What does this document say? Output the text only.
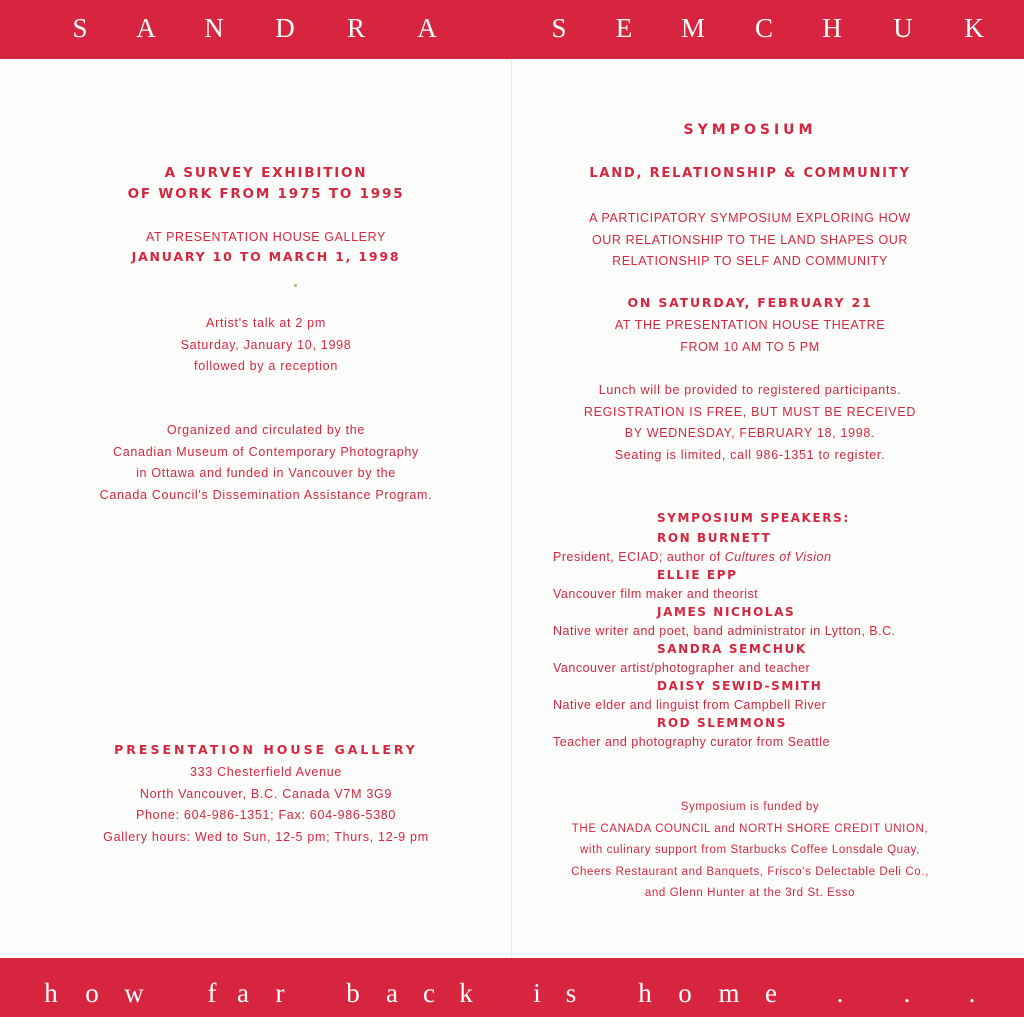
S A N D R A	S E M C H U K
A SURVEY EXHIBITION
OF WORK FROM 1975 TO 1995
AT PRESENTATION HOUSE GALLERY
JANUARY 10 TO MARCH 1, 1998
Artist's talk at 2 pm
Saturday, January 10, 1998
followed by a reception
Organized and circulated by the
Canadian Museum of Contemporary Photography
in Ottawa and funded in Vancouver by the
Canada Council's Dissemination Assistance Program.
PRESENTATION HOUSE GALLERY
333 Chesterfield Avenue
North Vancouver, B.C. Canada V7M 3G9
Phone: 604-986-1351; Fax: 604-986-5380
Gallery hours: Wed to Sun, 12-5 pm; Thurs, 12-9 pm
SYMPOSIUM
LAND, RELATIONSHIP & COMMUNITY
A PARTICIPATORY SYMPOSIUM EXPLORING HOW
OUR RELATIONSHIP TO THE LAND SHAPES OUR
RELATIONSHIP TO SELF AND COMMUNITY
ON SATURDAY, FEBRUARY 21
AT THE PRESENTATION HOUSE THEATRE
FROM 10 AM TO 5 PM
Lunch will be provided to registered participants.
REGISTRATION IS FREE, BUT MUST BE RECEIVED
BY WEDNESDAY, FEBRUARY 18, 1998.
Seating is limited, call 986-1351 to register.
Symposium is funded by
THE CANADA COUNCIL and NORTH SHORE CREDIT UNION,
with culinary support from Starbucks Coffee Lonsdale Quay,
Cheers Restaurant and Banquets, Frisco's Delectable Deli Co.,
and Glenn Hunter at the 3rd St. Esso
SYMPOSIUM SPEAKERS:
RON BURNETT
President, ECIAD; author of Cultures of Vision
ELLIE EPP
Vancouver film maker and theorist
JAMES NICHOLAS
Native writer and poet, band administrator in Lytton, B.C.
SANDRA SEMCHUK
Vancouver artist/photographer and teacher
DAISY SEWID-SMITH
Native elder and linguist from Campbell River
ROD SLEMMONS
Teacher and photography curator from Seattle
h o w f a r b a c k i s h o m e . . .
